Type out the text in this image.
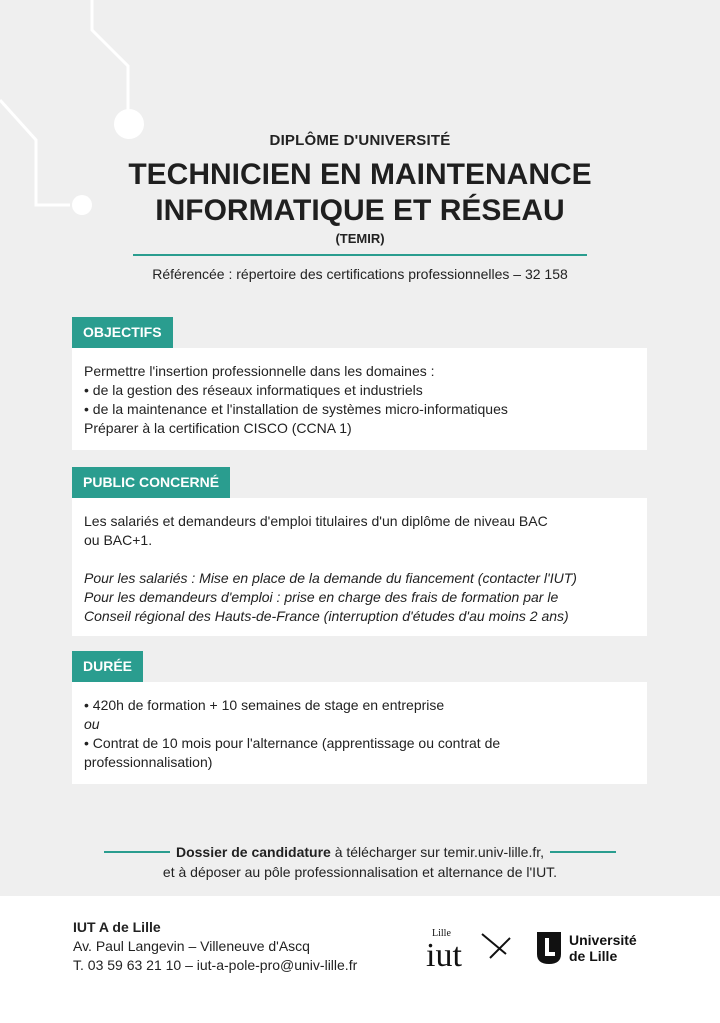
DIPLÔME D'UNIVERSITÉ
TECHNICIEN EN MAINTENANCE
INFORMATIQUE ET RÉSEAU
(TEMIR)
Référencée : répertoire des certifications professionnelles – 32 158
OBJECTIFS

Permettre l'insertion professionnelle dans les domaines :

• de la gestion des réseaux informatiques et industriels

• de la maintenance et l'installation de systèmes micro-informatiques

Préparer à la certification CISCO (CCNA 1)

PUBLIC CONCERNÉ

Les salariés et demandeurs d'emploi titulaires d'un diplôme de niveau BAC

ou BAC+1.

Pour les salariés : Mise en place de la demande du fiancement (contacter l'IUT)

Pour les demandeurs d'emploi : prise en charge des frais de formation par le

Conseil régional des Hauts-de-France (interruption d'études d'au moins 2 ans)

DURÉE

• 420h de formation + 10 semaines de stage en entreprise

ou

• Contrat de 10 mois pour l'alternance (apprentissage ou contrat de

professionnalisation)

Dossier de candidature à télécharger sur temir.univ-lille.fr,
et à déposer au pôle professionnalisation et alternance de l'IUT.
IUT A de Lille
Av. Paul Langevin – Villeneuve d'Ascq
T. 03 59 63 21 10 – iut-a-pole-pro@univ-lille.fr
Lille
iut	Université
de Lille
